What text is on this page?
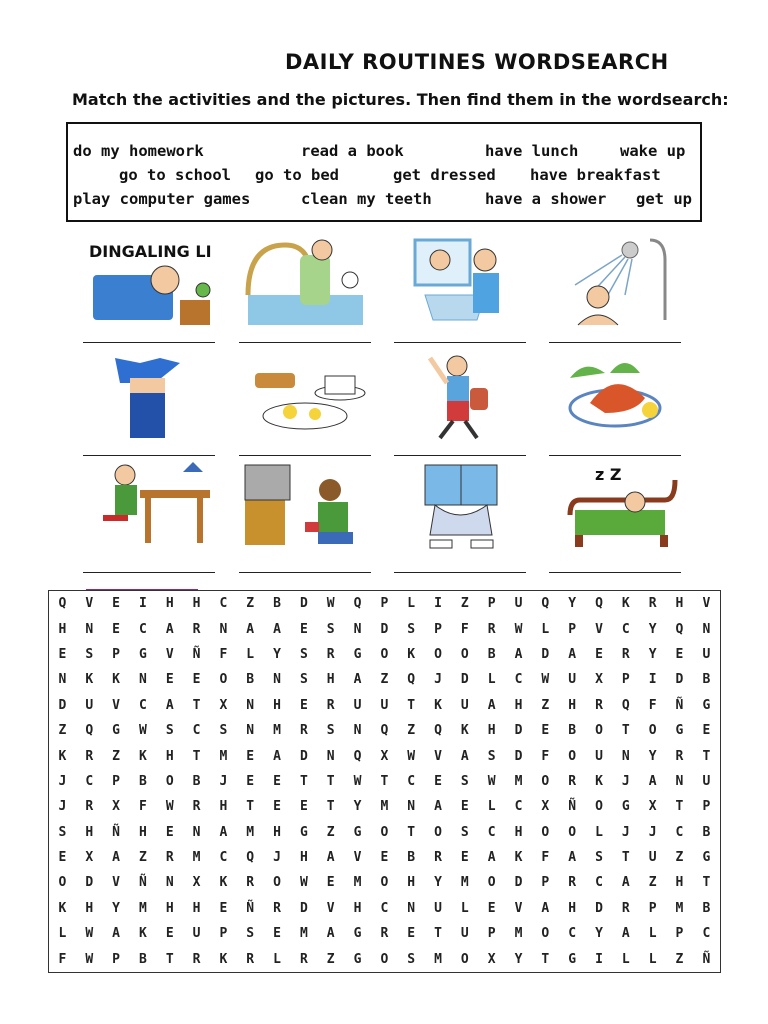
DAILY ROUTINES WORDSEARCH
Match the activities and the pictures. Then find them in the wordsearch:
do my homework	read a book	have lunch	wake up
go to school go to bed	get dressed have breakfast
play computer games	clean my teeth	have a shower get up
DINGALING LI
z Z
Q	V	E	I	H	H	C	Z	B	D	W	Q	P	L	I	Z	P	U	Q	Y	Q	K	R	H	V
H	N	E	C	A	R	N	A	A	E	S	N	D	S	P	F	R	W	L	P	V	C	Y	Q	N
E	S	P	G	V	Ñ	F	L	Y	S	R	G	O	K	O	O	B	A	D	A	E	R	Y	E	U
N	K	K	N	E	E	O	B	N	S	H	A	Z	Q	J	D	L	C	W	U	X	P	I	D	B
D	U	V	C	A	T	X	N	H	E	R	U	U	T	K	U	A	H	Z	H	R	Q	F	Ñ	G
Z	Q	G	W	S	C	S	N	M	R	S	N	Q	Z	Q	K	H	D	E	B	O	T	O	G	E
K	R	Z	K	H	T	M	E	A	D	N	Q	X	W	V	A	S	D	F	O	U	N	Y	R	T
J	C	P	B	O	B	J	E	E	T	T	W	T	C	E	S	W	M	O	R	K	J	A	N	U
J	R	X	F	W	R	H	T	E	E	T	Y	M	N	A	E	L	C	X	Ñ	O	G	X	T	P
S	H	Ñ	H	E	N	A	M	H	G	Z	G	O	T	O	S	C	H	O	O	L	J	J	C	B
E	X	A	Z	R	M	C	Q	J	H	A	V	E	B	R	E	A	K	F	A	S	T	U	Z	G
O	D	V	Ñ	N	X	K	R	O	W	E	M	O	H	Y	M	O	D	P	R	C	A	Z	H	T
K	H	Y	M	H	H	E	Ñ	R	D	V	H	C	N	U	L	E	V	A	H	D	R	P	M	B
L	W	A	K	E	U	P	S	E	M	A	G	R	E	T	U	P	M	O	C	Y	A	L	P	C
F	W	P	B	T	R	K	R	L	R	Z	G	O	S	M	O	X	Y	T	G	I	L	L	Z	Ñ
